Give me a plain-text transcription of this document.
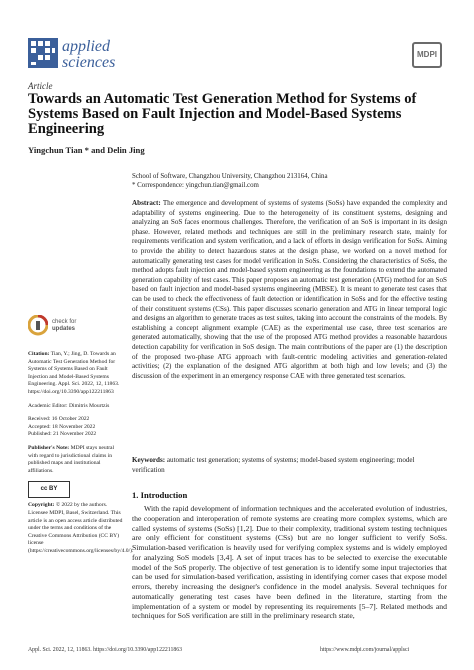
applied
sciences	MDPI
Article
Towards an Automatic Test Generation Method for Systems of Systems Based on Fault Injection and Model-Based Systems Engineering
Yingchun Tian * and Delin Jing
School of Software, Changzhou University, Changzhou 213164, China
* Correspondence: yingchun.tian@gmail.com
Abstract: The emergence and development of systems of systems (SoSs) have expanded the complexity and adaptability of systems engineering. Due to the heterogeneity of its constituent systems, designing and analyzing an SoS faces enormous challenges. Therefore, the verification of an SoS is important in its design phase. However, related methods and techniques are still in the preliminary research state, mainly for requirements verification and system verification, and a lack of efforts in design verification for SoSs. Aiming to provide the ability to detect hazardous states at the design phase, we worked on a novel method for automatically generating test cases for model verification in SoSs. Considering the characteristics of SoSs, the method adopts fault injection and model-based system engineering as the foundations to extend the automated generation capability of test cases. This paper proposes an automatic test generation (ATG) method for an SoS based on fault injection and model-based systems engineering (MBSE). It is meant to generate test cases that can be used to check the effectiveness of fault detection or identification in SoSs and for the effective testing of their constituent systems (CSs). This paper discusses scenario generation and ATG in linear temporal logic and designs an algorithm to generate traces as test suites, taking into account the constraints of the models. By establishing a concept alignment example (CAE) as the experimental use case, three test scenarios are generated automatically, showing that the use of the proposed ATG method provides a reasonable hazardous detection capability for verification in SoS design. The main contributions of the paper are (1) the description of the proposed two-phase ATG approach with fault-centric modeling activities and generation-related activities; (2) the explanation of the designed ATG algorithm at both high and low levels; and (3) the discussion of the experiment in an emergency response CAE with three generated test scenarios.
Keywords: automatic test generation; systems of systems; model-based system engineering; model verification
check for
updates
Citation: Tian, Y.; Jing, D. Towards an Automatic Test Generation Method for Systems of Systems Based on Fault Injection and Model-Based Systems Engineering. Appl. Sci. 2022, 12, 11863. https://doi.org/10.3390/app122211863
Academic Editor: Dimitris Mourtzis
Received: 16 October 2022
Accepted: 18 November 2022
Published: 21 November 2022
Publisher's Note: MDPI stays neutral with regard to jurisdictional claims in published maps and institutional affiliations.
cc BY
Copyright: © 2022 by the authors. Licensee MDPI, Basel, Switzerland. This article is an open access article distributed under the terms and conditions of the Creative Commons Attribution (CC BY) license (https://creativecommons.org/licenses/by/4.0/).
1. Introduction
With the rapid development of information techniques and the accelerated evolution of industries, the cooperation and interoperation of remote systems are creating more complex systems, which are called systems of systems (SoSs) [1,2]. Due to their complexity, traditional system testing techniques are only efficient for constituent systems (CSs) but are no longer sufficient to verify SoSs. Simulation-based verification is heavily used for verifying complex systems and is widely employed for analyzing SoS models [3,4]. A set of input traces has to be selected to exercise the executable model of the SoS properly. The objective of test generation is to identify some input trajectories that can be used for simulation-based verification, assisting in identifying corner cases that expose model errors, thereby increasing the designer's confidence in the model analysis. Several techniques for automatically generating test cases have been defined in the literature, starting from the implementation of a system or model by representing its requirements [5–7]. Related methods and techniques for SoS verification are still in the preliminary research state,
Appl. Sci. 2022, 12, 11863. https://doi.org/10.3390/app122211863	https://www.mdpi.com/journal/applsci
